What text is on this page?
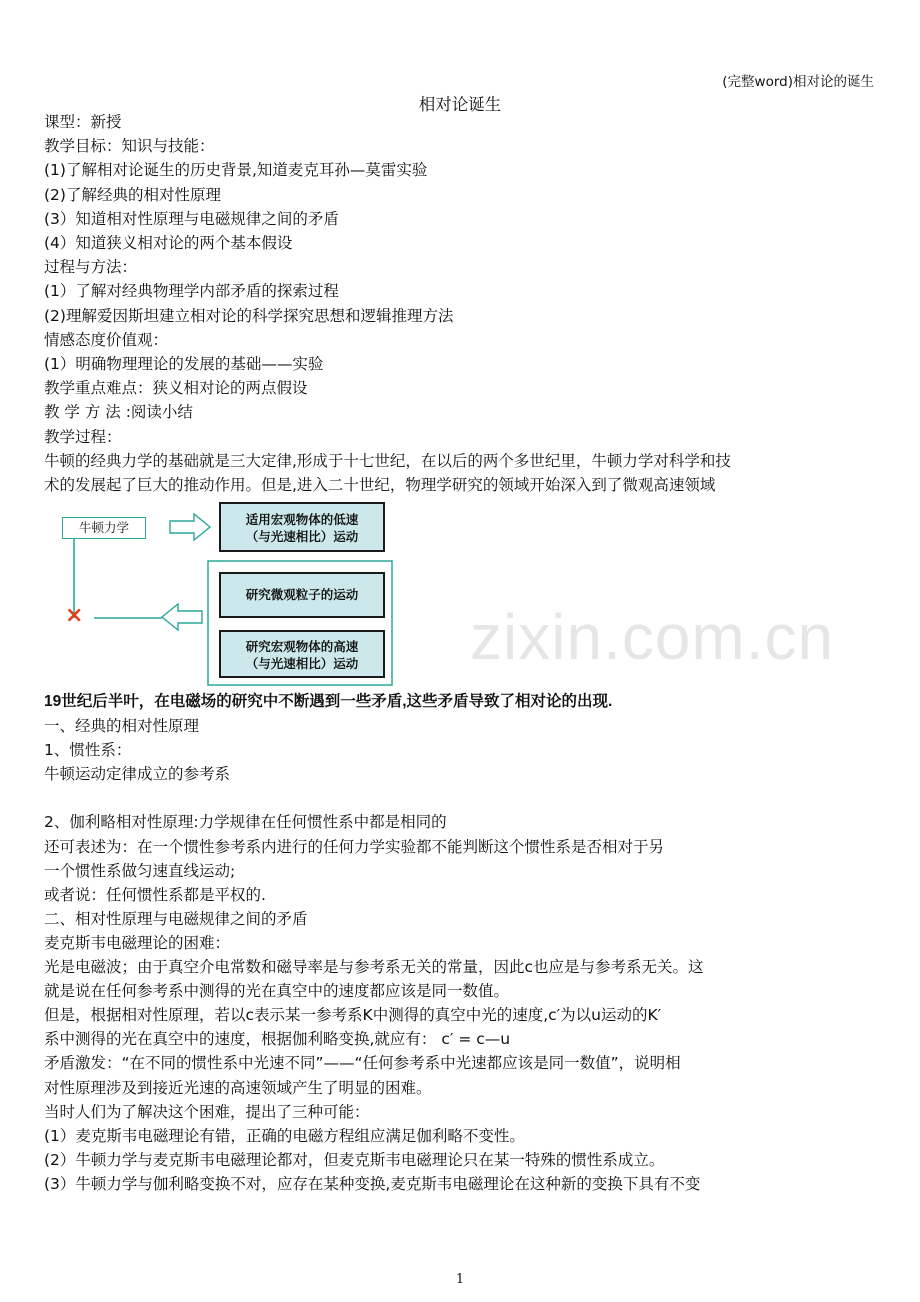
(完整word)相对论的诞生
相对论诞生
课型：新授
教学目标：知识与技能：
(1)了解相对论诞生的历史背景,知道麦克耳孙—莫雷实验
(2)了解经典的相对性原理
(3）知道相对性原理与电磁规律之间的矛盾
(4）知道狭义相对论的两个基本假设
过程与方法：
(1）了解对经典物理学内部矛盾的探索过程
(2)理解爱因斯坦建立相对论的科学探究思想和逻辑推理方法
情感态度价值观：
(1）明确物理理论的发展的基础——实验
教学重点难点：狭义相对论的两点假设
教 学 方 法 :阅读小结
教学过程：
牛顿的经典力学的基础就是三大定律,形成于十七世纪，在以后的两个多世纪里，牛顿力学对科学和技
术的发展起了巨大的推动作用。但是,进入二十世纪，物理学研究的领域开始深入到了微观高速领域
牛顿力学
适用宏观物体的低速
（与光速相比）运动
研究微观粒子的运动
研究宏观物体的高速
（与光速相比）运动
×	zixin.com.cn
19世纪后半叶，在电磁场的研究中不断遇到一些矛盾,这些矛盾导致了相对论的出现.
一、经典的相对性原理
1、惯性系：
牛顿运动定律成立的参考系
2、伽利略相对性原理:力学规律在任何惯性系中都是相同的
还可表述为：在一个惯性参考系内进行的任何力学实验都不能判断这个惯性系是否相对于另
一个惯性系做匀速直线运动;
或者说：任何惯性系都是平权的.
二、相对性原理与电磁规律之间的矛盾
麦克斯韦电磁理论的困难：
光是电磁波；由于真空介电常数和磁导率是与参考系无关的常量，因此c也应是与参考系无关。这
就是说在任何参考系中测得的光在真空中的速度都应该是同一数值。
但是，根据相对性原理，若以c表示某一参考系K中测得的真空中光的速度,c′为以u运动的K′
系中测得的光在真空中的速度，根据伽利略变换,就应有： c′ = c—u
矛盾激发：“在不同的惯性系中光速不同”——“任何参考系中光速都应该是同一数值”，说明相
对性原理涉及到接近光速的高速领域产生了明显的困难。
当时人们为了解决这个困难，提出了三种可能：
(1）麦克斯韦电磁理论有错，正确的电磁方程组应满足伽利略不变性。
(2）牛顿力学与麦克斯韦电磁理论都对，但麦克斯韦电磁理论只在某一特殊的惯性系成立。
(3）牛顿力学与伽利略变换不对，应存在某种变换,麦克斯韦电磁理论在这种新的变换下具有不变
1
